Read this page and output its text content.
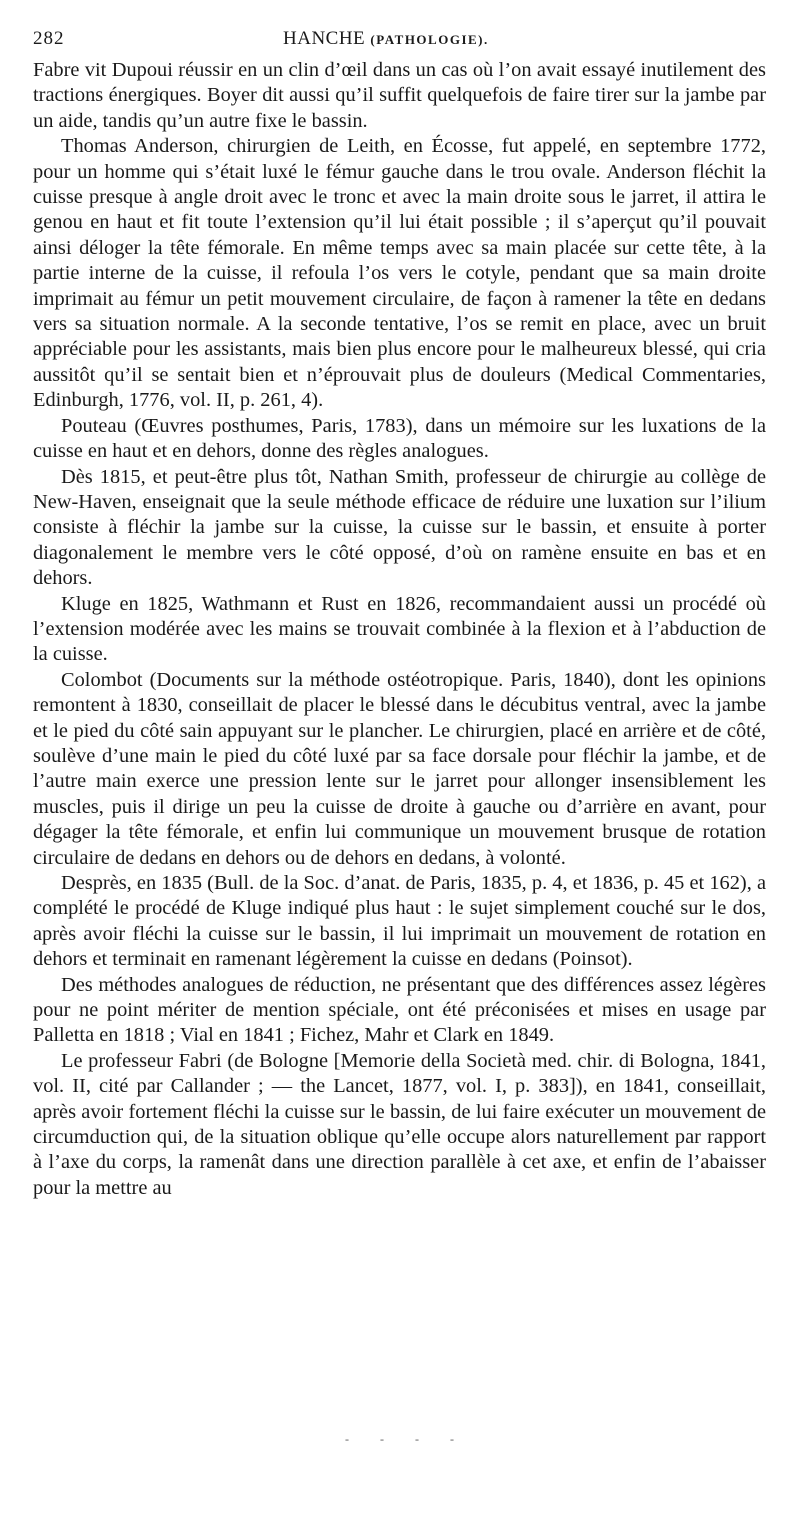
282	HANCHE (PATHOLOGIE).

Fabre vit Dupoui réussir en un clin d’œil dans un cas où l’on avait essayé inutilement des tractions énergiques. Boyer dit aussi qu’il suffit quelquefois de faire tirer sur la jambe par un aide, tandis qu’un autre fixe le bassin.

Thomas Anderson, chirurgien de Leith, en Écosse, fut appelé, en septembre 1772, pour un homme qui s’était luxé le fémur gauche dans le trou ovale. Anderson fléchit la cuisse presque à angle droit avec le tronc et avec la main droite sous le jarret, il attira le genou en haut et fit toute l’extension qu’il lui était possible ; il s’aperçut qu’il pouvait ainsi déloger la tête fémorale. En même temps avec sa main placée sur cette tête, à la partie interne de la cuisse, il refoula l’os vers le cotyle, pendant que sa main droite imprimait au fémur un petit mouvement circulaire, de façon à ramener la tête en dedans vers sa situation normale. A la seconde tentative, l’os se remit en place, avec un bruit appréciable pour les assistants, mais bien plus encore pour le malheureux blessé, qui cria aussitôt qu’il se sentait bien et n’éprouvait plus de douleurs (Medical Commentaries, Edinburgh, 1776, vol. II, p. 261, 4).

Pouteau (Œuvres posthumes, Paris, 1783), dans un mémoire sur les luxations de la cuisse en haut et en dehors, donne des règles analogues.

Dès 1815, et peut-être plus tôt, Nathan Smith, professeur de chirurgie au collège de New-Haven, enseignait que la seule méthode efficace de réduire une luxation sur l’ilium consiste à fléchir la jambe sur la cuisse, la cuisse sur le bassin, et ensuite à porter diagonalement le membre vers le côté opposé, d’où on ramène ensuite en bas et en dehors.

Kluge en 1825, Wathmann et Rust en 1826, recommandaient aussi un procédé où l’extension modérée avec les mains se trouvait combinée à la flexion et à l’abduction de la cuisse.

Colombot (Documents sur la méthode ostéotropique. Paris, 1840), dont les opinions remontent à 1830, conseillait de placer le blessé dans le décubitus ventral, avec la jambe et le pied du côté sain appuyant sur le plancher. Le chirurgien, placé en arrière et de côté, soulève d’une main le pied du côté luxé par sa face dorsale pour fléchir la jambe, et de l’autre main exerce une pression lente sur le jarret pour allonger insensiblement les muscles, puis il dirige un peu la cuisse de droite à gauche ou d’arrière en avant, pour dégager la tête fémorale, et enfin lui communique un mouvement brusque de rotation circulaire de dedans en dehors ou de dehors en dedans, à volonté.

Desprès, en 1835 (Bull. de la Soc. d’anat. de Paris, 1835, p. 4, et 1836, p. 45 et 162), a complété le procédé de Kluge indiqué plus haut : le sujet simplement couché sur le dos, après avoir fléchi la cuisse sur le bassin, il lui imprimait un mouvement de rotation en dehors et terminait en ramenant légèrement la cuisse en dedans (Poinsot).

Des méthodes analogues de réduction, ne présentant que des différences assez légères pour ne point mériter de mention spéciale, ont été préconisées et mises en usage par Palletta en 1818 ; Vial en 1841 ; Fichez, Mahr et Clark en 1849.

Le professeur Fabri (de Bologne [Memorie della Società med. chir. di Bologna, 1841, vol. II, cité par Callander ; — the Lancet, 1877, vol. I, p. 383]), en 1841, conseillait, après avoir fortement fléchi la cuisse sur le bassin, de lui faire exécuter un mouvement de circumduction qui, de la situation oblique qu’elle occupe alors naturellement par rapport à l’axe du corps, la ramenât dans une direction parallèle à cet axe, et enfin de l’abaisser pour la mettre au

- - - -
